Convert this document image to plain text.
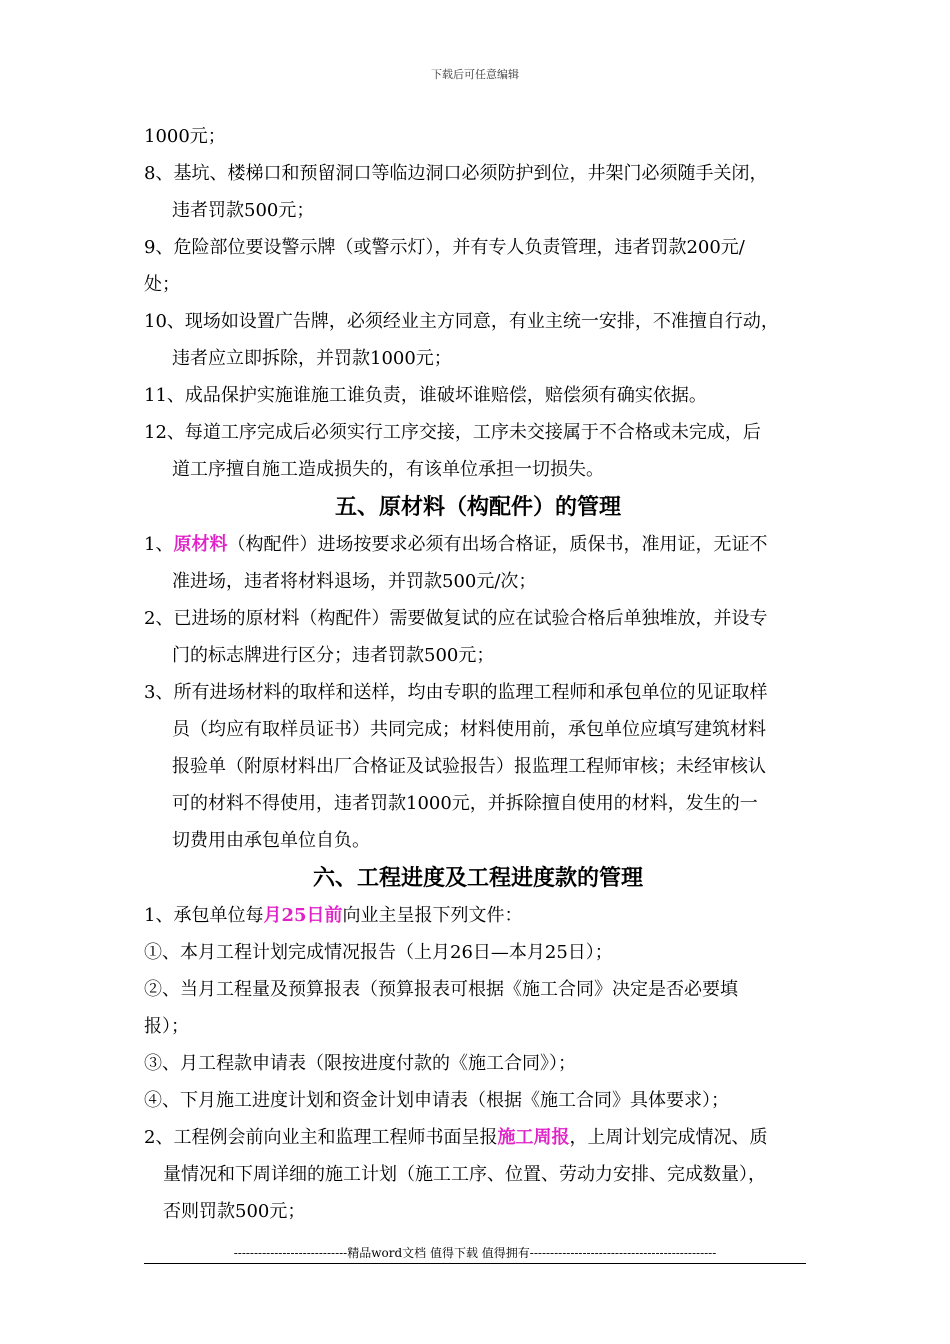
下载后可任意编辑
1000元；
8、基坑、楼梯口和预留洞口等临边洞口必须防护到位，井架门必须随手关闭，
违者罚款500元；
9、危险部位要设警示牌（或警示灯），并有专人负责管理，违者罚款200元/
处；
10、现场如设置广告牌，必须经业主方同意，有业主统一安排，不准擅自行动，
违者应立即拆除，并罚款1000元；
11、成品保护实施谁施工谁负责，谁破坏谁赔偿，赔偿须有确实依据。
12、每道工序完成后必须实行工序交接，工序未交接属于不合格或未完成，后
道工序擅自施工造成损失的，有该单位承担一切损失。
五、原材料（构配件）的管理
1、原材料（构配件）进场按要求必须有出场合格证，质保书，准用证，无证不
准进场，违者将材料退场，并罚款500元/次；
2、已进场的原材料（构配件）需要做复试的应在试验合格后单独堆放，并设专
门的标志牌进行区分；违者罚款500元；
3、所有进场材料的取样和送样，均由专职的监理工程师和承包单位的见证取样
员（均应有取样员证书）共同完成；材料使用前，承包单位应填写建筑材料
报验单（附原材料出厂合格证及试验报告）报监理工程师审核；未经审核认
可的材料不得使用，违者罚款1000元，并拆除擅自使用的材料，发生的一
切费用由承包单位自负。
六、工程进度及工程进度款的管理
1、承包单位每月25日前向业主呈报下列文件：
①、本月工程计划完成情况报告（上月26日—本月25日）；
②、当月工程量及预算报表（预算报表可根据《施工合同》决定是否必要填
报）；
③、月工程款申请表（限按进度付款的《施工合同》）；
④、下月施工进度计划和资金计划申请表（根据《施工合同》具体要求）；
2、工程例会前向业主和监理工程师书面呈报施工周报，上周计划完成情况、质
量情况和下周详细的施工计划（施工工序、位置、劳动力安排、完成数量），
否则罚款500元；
----------------------------精品word文档 值得下载 值得拥有----------------------------------------------
